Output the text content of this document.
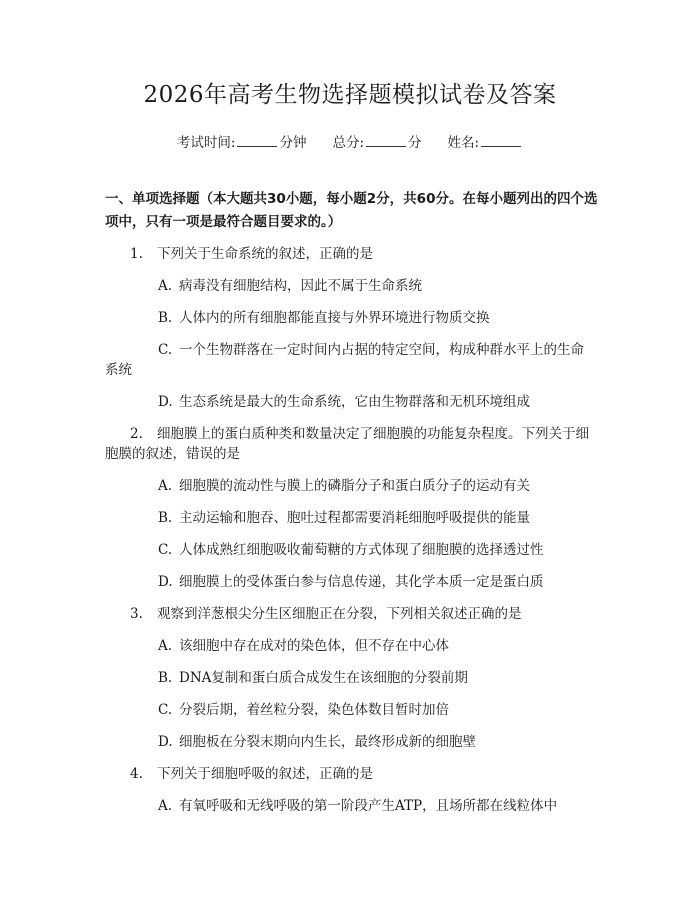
2026年高考生物选择题模拟试卷及答案
考试时间:	分钟 总分:	分 姓名:
一、单项选择题（本大题共30小题，每小题2分，共60分。在每小题列出的四个选项中，只有一项是最符合题目要求的。）
1. 下列关于生命系统的叙述，正确的是
A. 病毒没有细胞结构，因此不属于生命系统
B. 人体内的所有细胞都能直接与外界环境进行物质交换
C. 一个生物群落在一定时间内占据的特定空间，构成种群水平上的生命
系统
D. 生态系统是最大的生命系统，它由生物群落和无机环境组成
2. 细胞膜上的蛋白质种类和数量决定了细胞膜的功能复杂程度。下列关于细
胞膜的叙述，错误的是
A. 细胞膜的流动性与膜上的磷脂分子和蛋白质分子的运动有关
B. 主动运输和胞吞、胞吐过程都需要消耗细胞呼吸提供的能量
C. 人体成熟红细胞吸收葡萄糖的方式体现了细胞膜的选择透过性
D. 细胞膜上的受体蛋白参与信息传递，其化学本质一定是蛋白质
3. 观察到洋葱根尖分生区细胞正在分裂，下列相关叙述正确的是
A. 该细胞中存在成对的染色体，但不存在中心体
B. DNA复制和蛋白质合成发生在该细胞的分裂前期
C. 分裂后期，着丝粒分裂，染色体数目暂时加倍
D. 细胞板在分裂末期向内生长，最终形成新的细胞壁
4. 下列关于细胞呼吸的叙述，正确的是
A. 有氧呼吸和无线呼吸的第一阶段产生ATP，且场所都在线粒体中
